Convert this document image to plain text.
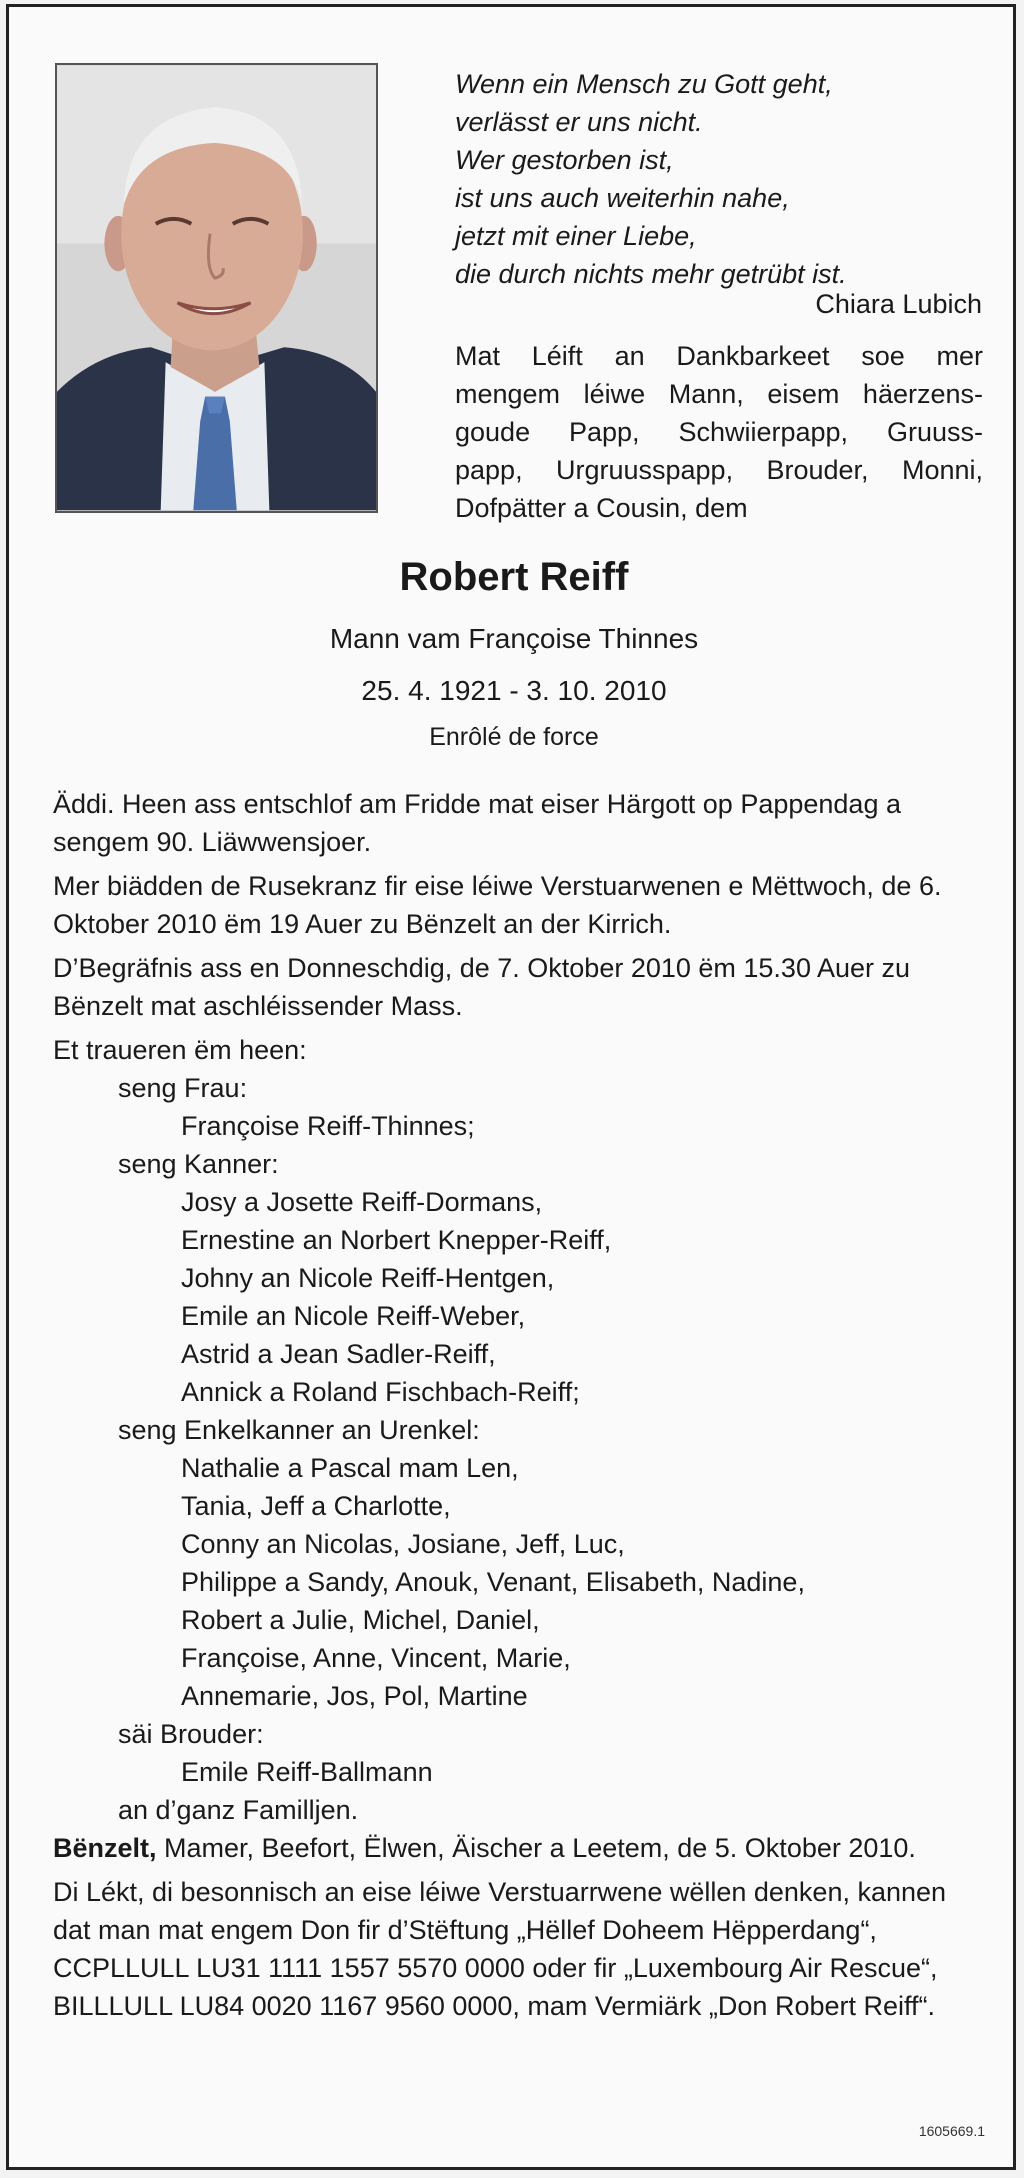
Wenn ein Mensch zu Gott geht,
verlässt er uns nicht.
Wer gestorben ist,
ist uns auch weiterhin nahe,
jetzt mit einer Liebe,
die durch nichts mehr getrübt ist.
Chiara Lubich
Mat Léift an Dankbarkeet soe mer
mengem léiwe Mann, eisem häerzens-
goude Papp, Schwiierpapp, Gruuss-
papp, Urgruusspapp, Brouder, Monni,
Dofpätter a Cousin, dem
Robert Reiff
Mann vam Françoise Thinnes
25. 4. 1921 - 3. 10. 2010
Enrôlé de force

Äddi. Heen ass entschlof am Fridde mat eiser Härgott op Pappendag a sengem 90. Liäwwensjoer.

Mer biädden de Rusekranz fir eise léiwe Verstuarwenen e Mëttwoch, de 6. Oktober 2010 ëm 19 Auer zu Bënzelt an der Kirrich.

D’Begräfnis ass en Donneschdig, de 7. Oktober 2010 ëm 15.30 Auer zu Bënzelt mat aschléissender Mass.

Et traueren ëm heen:
seng Frau:
Françoise Reiff-Thinnes;
seng Kanner:
Josy a Josette Reiff-Dormans,
Ernestine an Norbert Knepper-Reiff,
Johny an Nicole Reiff-Hentgen,
Emile an Nicole Reiff-Weber,
Astrid a Jean Sadler-Reiff,
Annick a Roland Fischbach-Reiff;
seng Enkelkanner an Urenkel:
Nathalie a Pascal mam Len,
Tania, Jeff a Charlotte,
Conny an Nicolas, Josiane, Jeff, Luc,
Philippe a Sandy, Anouk, Venant, Elisabeth, Nadine,
Robert a Julie, Michel, Daniel,
Françoise, Anne, Vincent, Marie,
Annemarie, Jos, Pol, Martine
säi Brouder:
Emile Reiff-Ballmann
an d’ganz Familljen.

Bënzelt, Mamer, Beefort, Ëlwen, Äischer a Leetem, de 5. Oktober 2010.

Di Lékt, di besonnisch an eise léiwe Verstuarrwene wëllen denken, kannen dat man mat engem Don fir d’Stëftung „Hëllef Doheem Hëpperdang“, CCPLLULL LU31 1111 1557 5570 0000 oder fir „Luxembourg Air Rescue“, BILLLULL LU84 0020 1167 9560 0000, mam Vermiärk „Don Robert Reiff“.

1605669.1
